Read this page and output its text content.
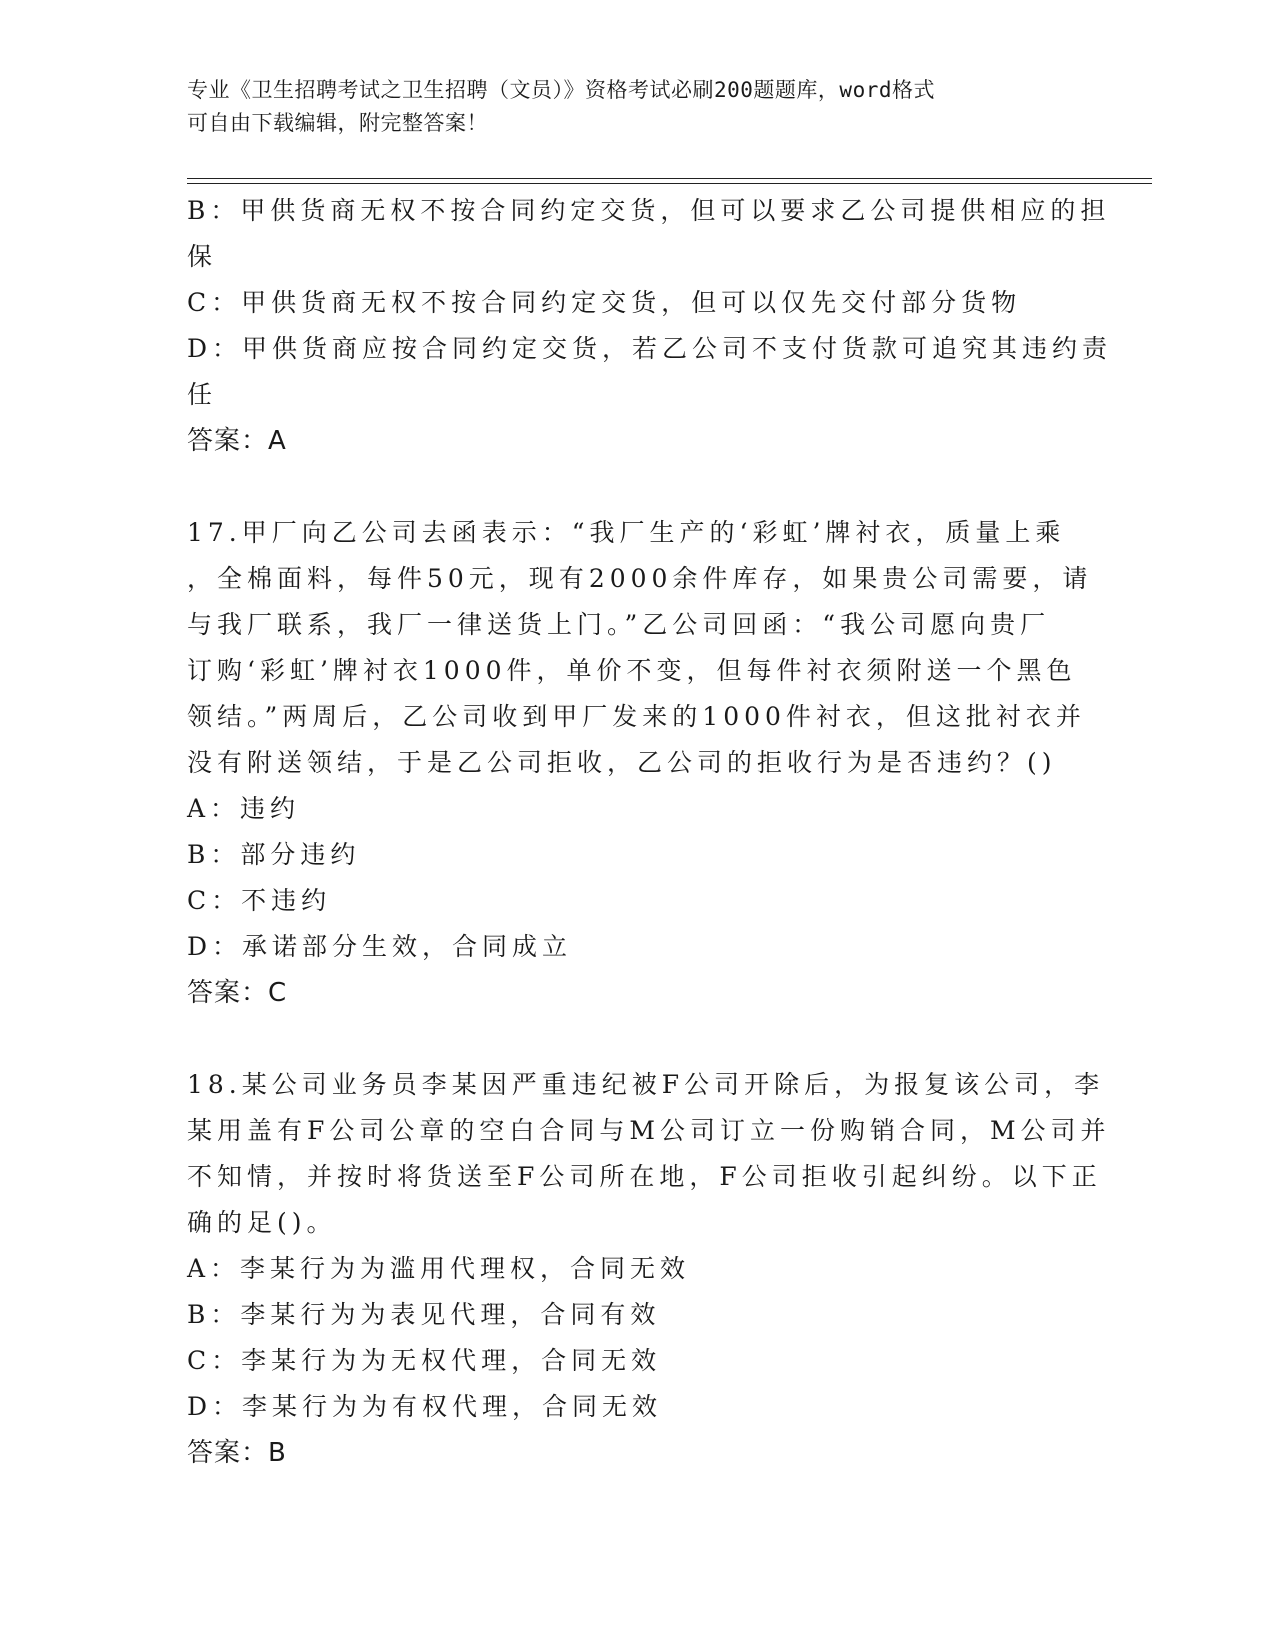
专业《卫生招聘考试之卫生招聘（文员）》资格考试必刷200题题库，word格式
可自由下载编辑，附完整答案！
B：甲供货商无权不按合同约定交货，但可以要求乙公司提供相应的担
保
C：甲供货商无权不按合同约定交货，但可以仅先交付部分货物
D：甲供货商应按合同约定交货，若乙公司不支付货款可追究其违约责
任
答案：A
17.甲厂向乙公司去函表示：“我厂生产的‘彩虹’牌衬衣，质量上乘
，全棉面料，每件50元，现有2000余件库存，如果贵公司需要，请
与我厂联系，我厂一律送货上门。”乙公司回函：“我公司愿向贵厂
订购‘彩虹’牌衬衣1000件，单价不变，但每件衬衣须附送一个黑色
领结。”两周后，乙公司收到甲厂发来的1000件衬衣，但这批衬衣并
没有附送领结，于是乙公司拒收，乙公司的拒收行为是否违约？()
A：违约
B：部分违约
C：不违约
D：承诺部分生效，合同成立
答案：C
18.某公司业务员李某因严重违纪被F公司开除后，为报复该公司，李
某用盖有F公司公章的空白合同与M公司订立一份购销合同，M公司并
不知情，并按时将货送至F公司所在地，F公司拒收引起纠纷。以下正
确的足()。
A：李某行为为滥用代理权，合同无效
B：李某行为为表见代理，合同有效
C：李某行为为无权代理，合同无效
D：李某行为为有权代理，合同无效
答案：B
